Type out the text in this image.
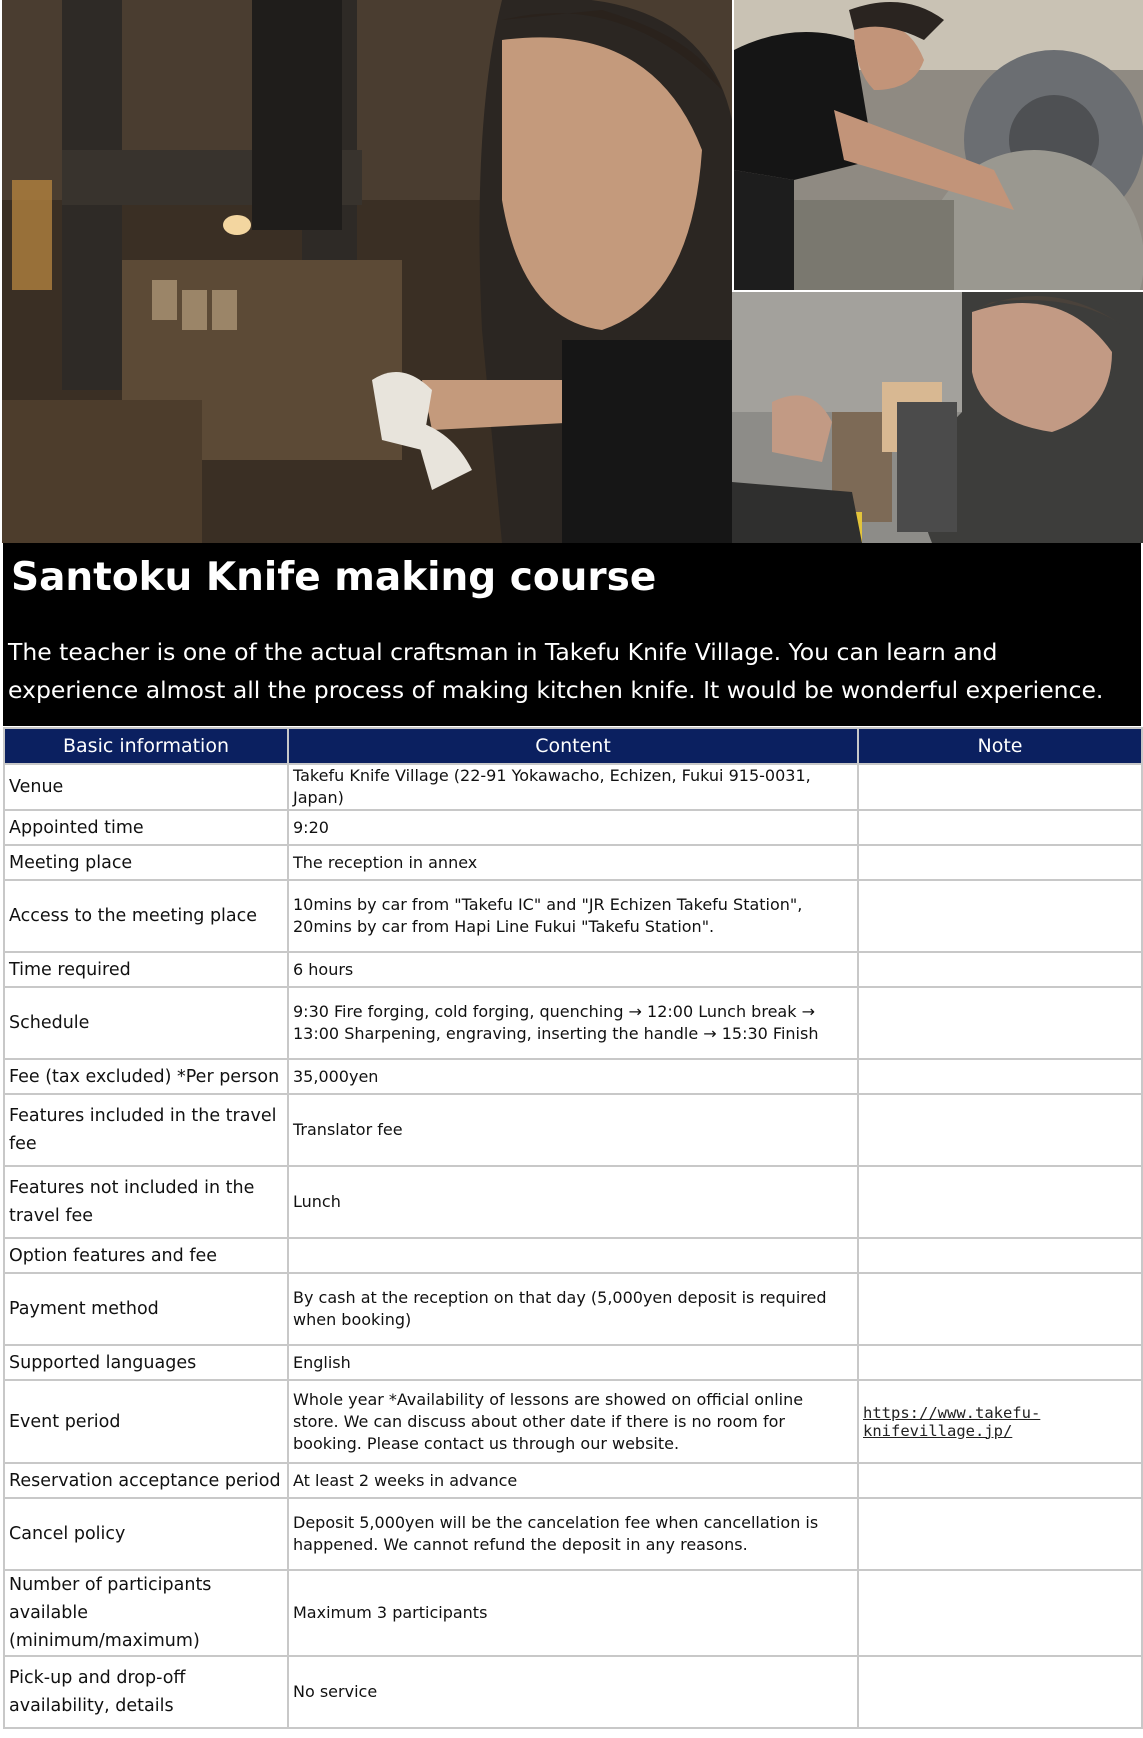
Santoku Knife making course

The teacher is one of the actual craftsman in Takefu Knife Village. You can learn and experience almost all the process of making kitchen knife. It would be wonderful experience.

Basic information	Content	Note
Venue	Takefu Knife Village (22-91 Yokawacho, Echizen, Fukui 915-0031, Japan)	
Appointed time	9:20	
Meeting place	The reception in annex	
Access to the meeting place	10mins by car from "Takefu IC" and "JR Echizen Takefu Station", 20mins by car from Hapi Line Fukui "Takefu Station".	
Time required	6 hours	
Schedule	9:30 Fire forging, cold forging, quenching → 12:00 Lunch break → 13:00 Sharpening, engraving, inserting the handle → 15:30 Finish	
Fee (tax excluded) *Per person	35,000yen	
Features included in the travel fee	Translator fee	
Features not included in the travel fee	Lunch	
Option features and fee		
Payment method	By cash at the reception on that day (5,000yen deposit is required when booking)	
Supported languages	English	
Event period	Whole year *Availability of lessons are showed on official online store. We can discuss about other date if there is no room for booking. Please contact us through our website.	https://www.takefu-knifevillage.jp/
Reservation acceptance period	At least 2 weeks in advance	
Cancel policy	Deposit 5,000yen will be the cancelation fee when cancellation is happened. We cannot refund the deposit in any reasons.	
Number of participants available (minimum/maximum)	Maximum 3 participants	
Pick-up and drop-off availability, details	No service	
